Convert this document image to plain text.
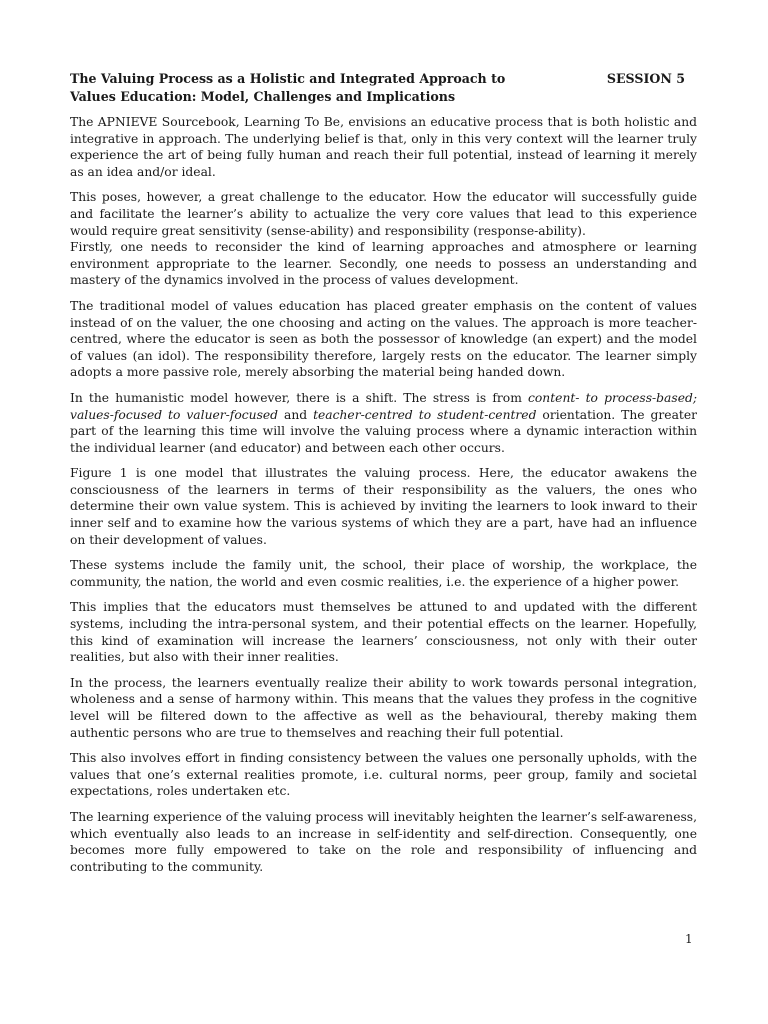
The Valuing Process as a Holistic and Integrated Approach to
Values Education: Model, Challenges and Implications

SESSION 5

The APNIEVE Sourcebook, Learning To Be, envisions an educative process that is both holistic and integrative in approach. The underlying belief is that, only in this very context will the learner truly experience the art of being fully human and reach their full potential, instead of learning it merely as an idea and/or ideal.

This poses, however, a great challenge to the educator. How the educator will successfully guide and facilitate the learner’s ability to actualize the very core values that lead to this experience would require great sensitivity (sense-ability) and responsibility (response-ability).

Firstly, one needs to reconsider the kind of learning approaches and atmosphere or learning environment appropriate to the learner. Secondly, one needs to possess an understanding and mastery of the dynamics involved in the process of values development.

The traditional model of values education has placed greater emphasis on the content of values instead of on the valuer, the one choosing and acting on the values. The approach is more teacher-centred, where the educator is seen as both the possessor of knowledge (an expert) and the model of values (an idol). The responsibility therefore, largely rests on the educator. The learner simply adopts a more passive role, merely absorbing the material being handed down.

In the humanistic model however, there is a shift. The stress is from content- to process-based; values-focused to valuer-focused and teacher-centred to student-centred orientation. The greater part of the learning this time will involve the valuing process where a dynamic interaction within the individual learner (and educator) and between each other occurs.

Figure 1 is one model that illustrates the valuing process. Here, the educator awakens the consciousness of the learners in terms of their responsibility as the valuers, the ones who determine their own value system. This is achieved by inviting the learners to look inward to their inner self and to examine how the various systems of which they are a part, have had an influence on their development of values.

These systems include the family unit, the school, their place of worship, the workplace, the community, the nation, the world and even cosmic realities, i.e. the experience of a higher power.

This implies that the educators must themselves be attuned to and updated with the different systems, including the intra-personal system, and their potential effects on the learner. Hopefully, this kind of examination will increase the learners’ consciousness, not only with their outer realities, but also with their inner realities.

In the process, the learners eventually realize their ability to work towards personal integration, wholeness and a sense of harmony within. This means that the values they profess in the cognitive level will be filtered down to the affective as well as the behavioural, thereby making them authentic persons who are true to themselves and reaching their full potential.

This also involves effort in finding consistency between the values one personally upholds, with the values that one’s external realities promote, i.e. cultural norms, peer group, family and societal expectations, roles undertaken etc.

The learning experience of the valuing process will inevitably heighten the learner’s self-awareness, which eventually also leads to an increase in self-identity and self-direction. Consequently, one becomes more fully empowered to take on the role and responsibility of influencing and contributing to the community.

1
